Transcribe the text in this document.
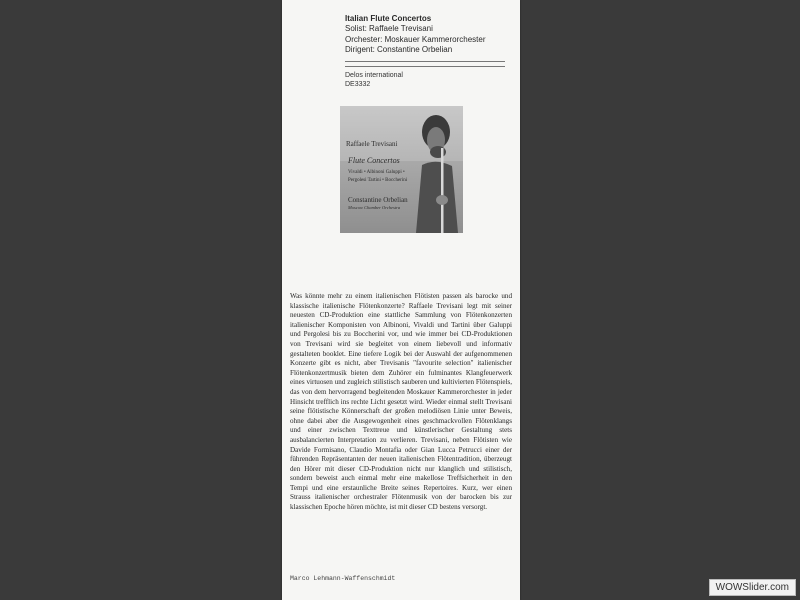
Italian Flute Concertos
Solist: Raffaele Trevisani
Orchester: Moskauer Kammerorchester
Dirigent: Constantine Orbelian
Delos international
DE3332
Raffaele Trevisani
Flute Concertos
Vivaldi • Albinoni Galuppi • Pergolesi Tartini • Boccherini
Constantine Orbelian
Moscow Chamber Orchestra
Was könnte mehr zu einem italienischen Flötisten passen als barocke und klassische italienische Flötenkonzerte? Raffaele Trevisani legt mit seiner neuesten CD-Produktion eine stattliche Sammlung von Flötenkonzerten italienischer Komponisten von Albinoni, Vivaldi und Tartini über Galuppi und Pergolesi bis zu Boccherini vor, und wie immer bei CD-Produktionen von Trevisani wird sie begleitet von einem liebevoll und informativ gestalteten booklet. Eine tiefere Logik bei der Auswahl der aufgenommenen Konzerte gibt es nicht, aber Trevisanis "favourite selection" italienischer Flötenkonzertmusik bieten dem Zuhörer ein fulminantes Klangfeuerwerk eines virtuosen und zugleich stilistisch sauberen und kultivierten Flötenspiels, das von dem hervorragend begleitenden Moskauer Kammerorchester in jeder Hinsicht trefflich ins rechte Licht gesetzt wird. Wieder einmal stellt Trevisani seine flötistische Könnerschaft der großen melodiösen Linie unter Beweis, ohne dabei aber die Ausgewogenheit eines geschmackvollen Flötenklangs und einer zwischen Texttreue und künstlerischer Gestaltung stets ausbalancierten Interpretation zu verlieren. Trevisani, neben Flötisten wie Davide Formisano, Claudio Montafia oder Gian Lucca Petrucci einer der führenden Repräsentanten der neuen italienischen Flötentradition, überzeugt den Hörer mit dieser CD-Produktion nicht nur klanglich und stilistisch, sondern beweist auch einmal mehr eine makellose Treffsicherheit in den Tempi und eine erstaunliche Breite seines Repertoires. Kurz, wer einen Strauss italienischer orchestraler Flötenmusik von der barocken bis zur klassischen Epoche hören möchte, ist mit dieser CD bestens versorgt.
Marco Lehmann-Waffenschmidt
WOWSlider.com
